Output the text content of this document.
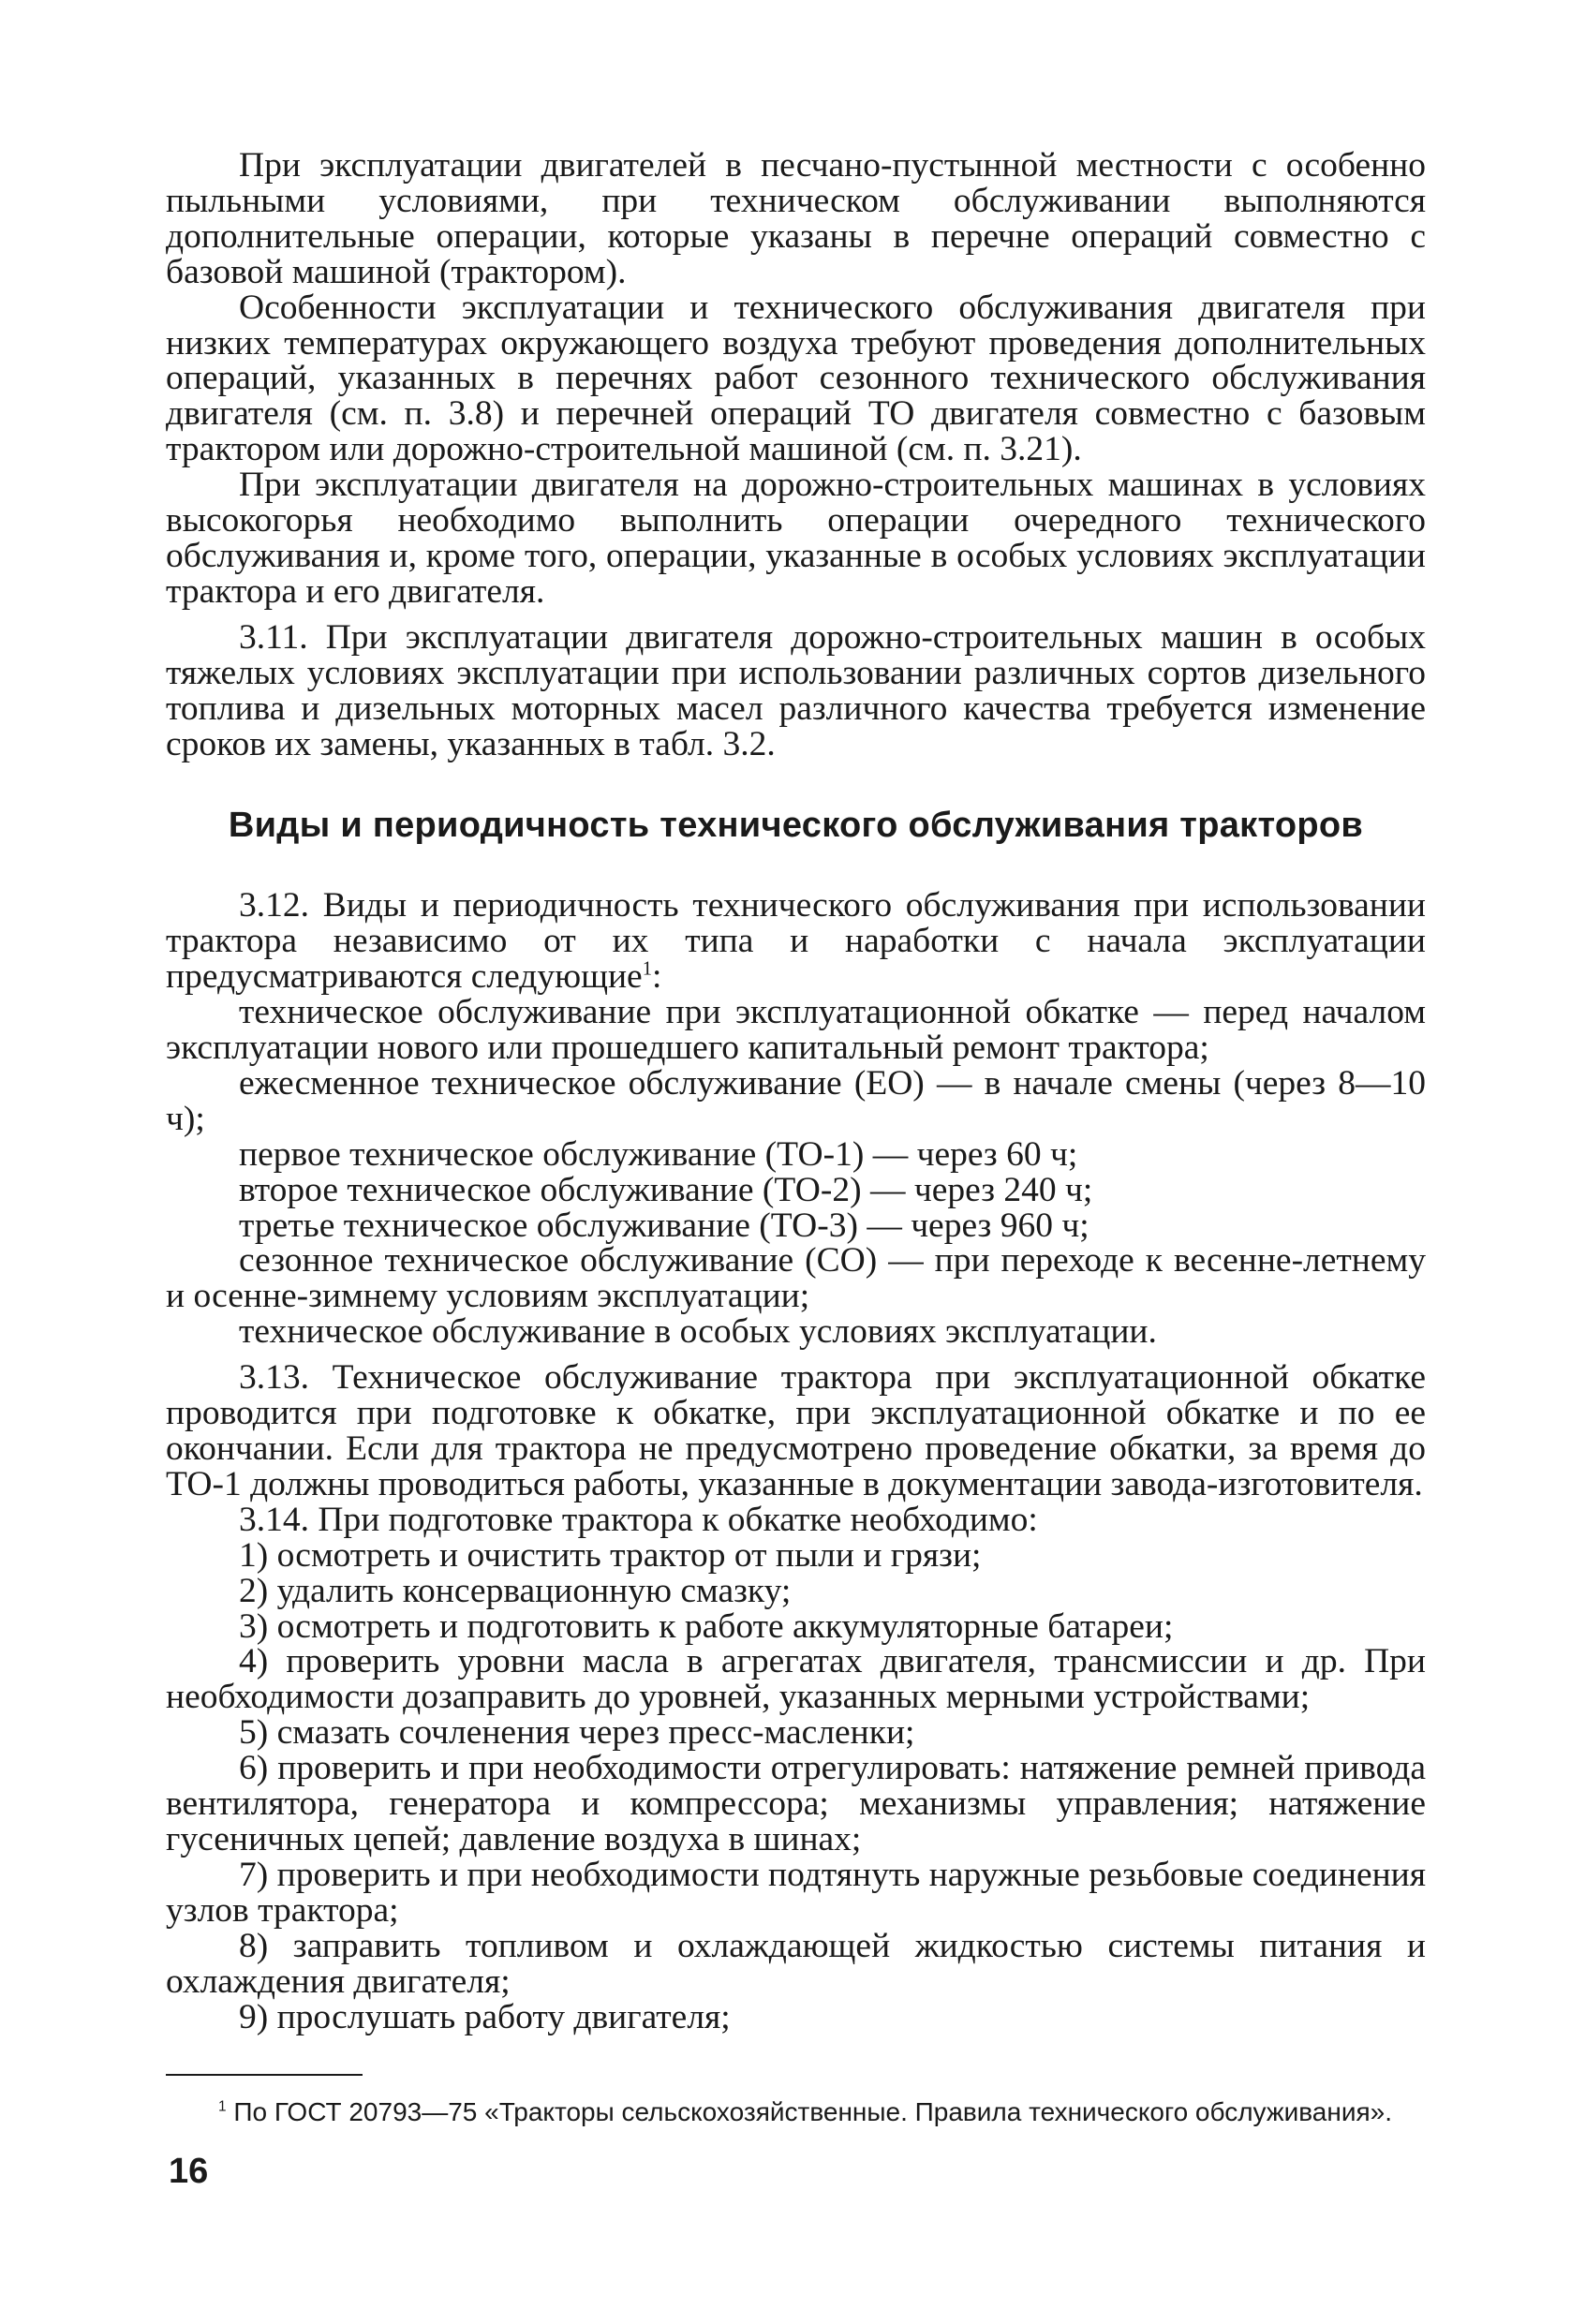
При эксплуатации двигателей в песчано-пустынной местности с особенно пыльными условиями, при техническом обслуживании выполняются дополнительные операции, которые указаны в перечне операций совместно с базовой машиной (трактором).

Особенности эксплуатации и технического обслуживания двигателя при низких температурах окружающего воздуха требуют проведения дополнительных операций, указанных в перечнях работ сезонного технического обслуживания двигателя (см. п. 3.8) и перечней операций ТО двигателя совместно с базовым трактором или дорожно-строительной машиной (см. п. 3.21).

При эксплуатации двигателя на дорожно-строительных машинах в условиях высокогорья необходимо выполнить операции очередного технического обслуживания и, кроме того, операции, указанные в особых условиях эксплуатации трактора и его двигателя.

3.11. При эксплуатации двигателя дорожно-строительных машин в особых тяжелых условиях эксплуатации при использовании различных сортов дизельного топлива и дизельных моторных масел различного качества требуется изменение сроков их замены, указанных в табл. 3.2.

Виды и периодичность технического обслуживания тракторов

3.12. Виды и периодичность технического обслуживания при использовании трактора независимо от их типа и наработки с начала эксплуатации предусматриваются следующие$^1$:

техническое обслуживание при эксплуатационной обкатке — перед началом эксплуатации нового или прошедшего капитальный ремонт трактора;

ежесменное техническое обслуживание (ЕО) — в начале смены (через 8—10 ч);

первое техническое обслуживание (ТО-1) — через 60 ч;

второе техническое обслуживание (ТО-2) — через 240 ч;

третье техническое обслуживание (ТО-3) — через 960 ч;

сезонное техническое обслуживание (СО) — при переходе к весенне-летнему и осенне-зимнему условиям эксплуатации;

техническое обслуживание в особых условиях эксплуатации.

3.13. Техническое обслуживание трактора при эксплуатационной обкатке проводится при подготовке к обкатке, при эксплуатационной обкатке и по ее окончании. Если для трактора не предусмотрено проведение обкатки, за время до ТО-1 должны проводиться работы, указанные в документации завода-изготовителя.

3.14. При подготовке трактора к обкатке необходимо:

1) осмотреть и очистить трактор от пыли и грязи;

2) удалить консервационную смазку;

3) осмотреть и подготовить к работе аккумуляторные батареи;

4) проверить уровни масла в агрегатах двигателя, трансмиссии и др. При необходимости дозаправить до уровней, указанных мерными устройствами;

5) смазать сочленения через пресс-масленки;

6) проверить и при необходимости отрегулировать: натяжение ремней привода вентилятора, генератора и компрессора; механизмы управления; натяжение гусеничных цепей; давление воздуха в шинах;

7) проверить и при необходимости подтянуть наружные резьбовые соединения узлов трактора;

8) заправить топливом и охлаждающей жидкостью системы питания и охлаждения двигателя;

9) прослушать работу двигателя;

$^1$ По ГОСТ 20793—75 «Тракторы сельскохозяйственные. Правила технического обслуживания».

16
